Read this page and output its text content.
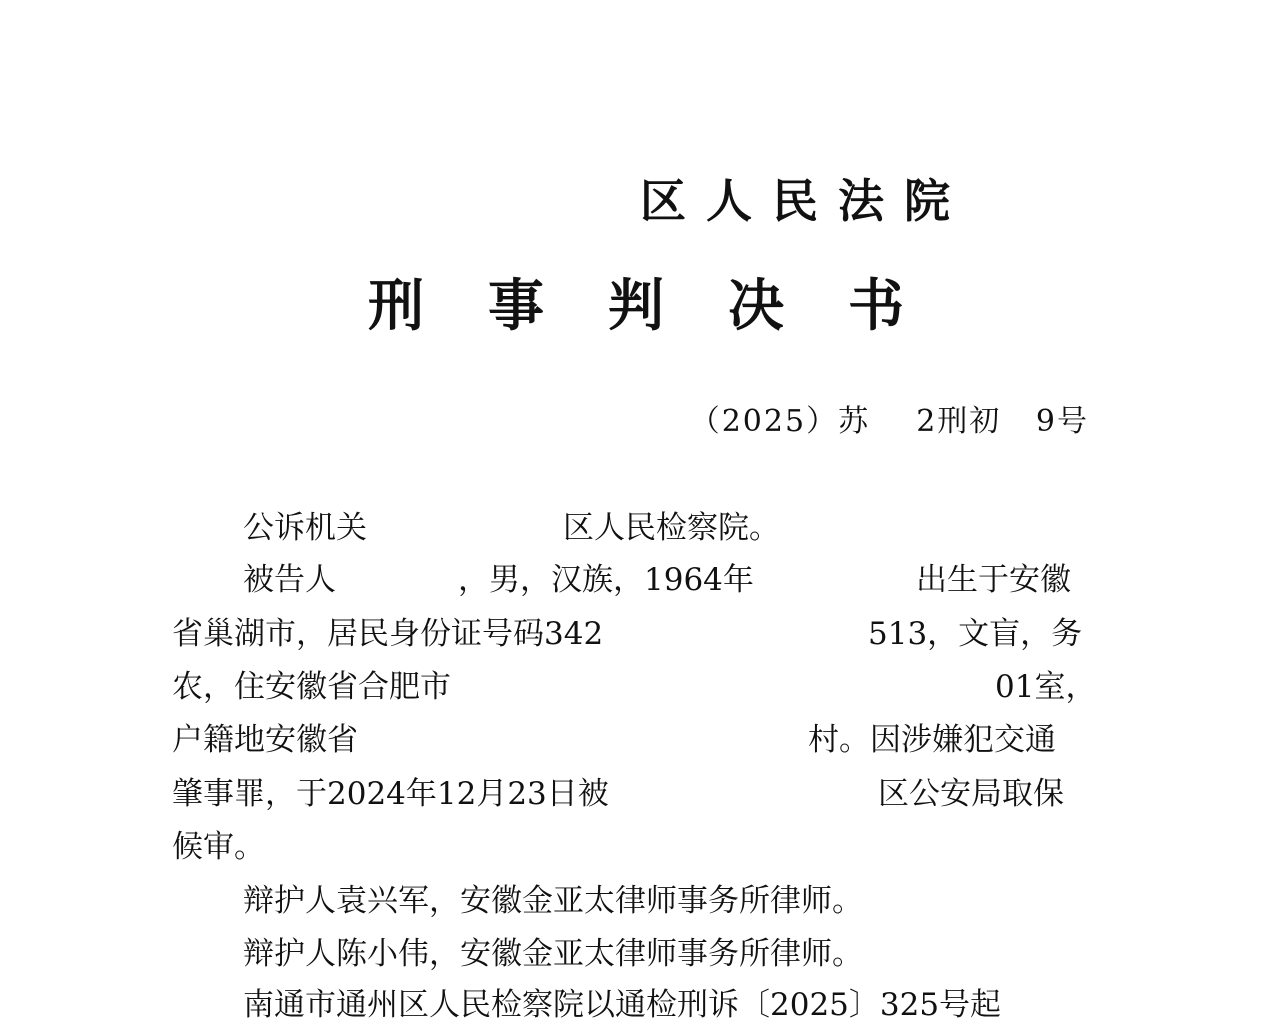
区人民法院
刑事判决书
（2025）苏    2刑初   9号
公诉机关	区人民检察院。
被告人	，男，汉族，1964年	出生于安徽
省巢湖市，居民身份证号码342	513，文盲，务
农，住安徽省合肥市	01室，
户籍地安徽省	村。因涉嫌犯交通
肇事罪，于2024年12月23日被	区公安局取保
候审。
辩护人袁兴军，安徽金亚太律师事务所律师。
辩护人陈小伟，安徽金亚太律师事务所律师。
南通市通州区人民检察院以通检刑诉〔2025〕325号起
